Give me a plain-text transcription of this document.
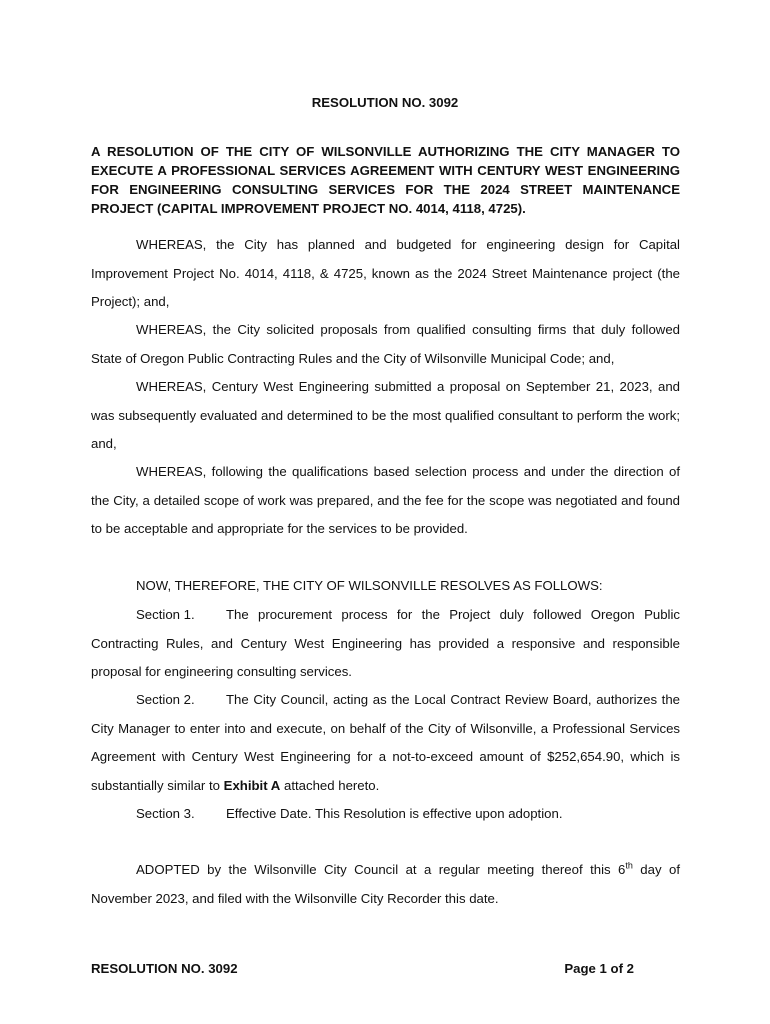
RESOLUTION NO. 3092
A RESOLUTION OF THE CITY OF WILSONVILLE AUTHORIZING THE CITY MANAGER TO EXECUTE A PROFESSIONAL SERVICES AGREEMENT WITH CENTURY WEST ENGINEERING FOR ENGINEERING CONSULTING SERVICES FOR THE 2024 STREET MAINTENANCE PROJECT (CAPITAL IMPROVEMENT PROJECT NO. 4014, 4118, 4725).

WHEREAS, the City has planned and budgeted for engineering design for Capital Improvement Project No. 4014, 4118, & 4725, known as the 2024 Street Maintenance project (the Project); and,

WHEREAS, the City solicited proposals from qualified consulting firms that duly followed State of Oregon Public Contracting Rules and the City of Wilsonville Municipal Code; and,

WHEREAS, Century West Engineering submitted a proposal on September 21, 2023, and was subsequently evaluated and determined to be the most qualified consultant to perform the work; and,

WHEREAS, following the qualifications based selection process and under the direction of the City, a detailed scope of work was prepared, and the fee for the scope was negotiated and found to be acceptable and appropriate for the services to be provided.

NOW, THEREFORE, THE CITY OF WILSONVILLE RESOLVES AS FOLLOWS:

Section 1. The procurement process for the Project duly followed Oregon Public Contracting Rules, and Century West Engineering has provided a responsive and responsible proposal for engineering consulting services.

Section 2. The City Council, acting as the Local Contract Review Board, authorizes the City Manager to enter into and execute, on behalf of the City of Wilsonville, a Professional Services Agreement with Century West Engineering for a not-to-exceed amount of $252,654.90, which is substantially similar to Exhibit A attached hereto.

Section 3. Effective Date. This Resolution is effective upon adoption.

ADOPTED by the Wilsonville City Council at a regular meeting thereof this 6th day of November 2023, and filed with the Wilsonville City Recorder this date.

RESOLUTION NO. 3092	Page 1 of 2
